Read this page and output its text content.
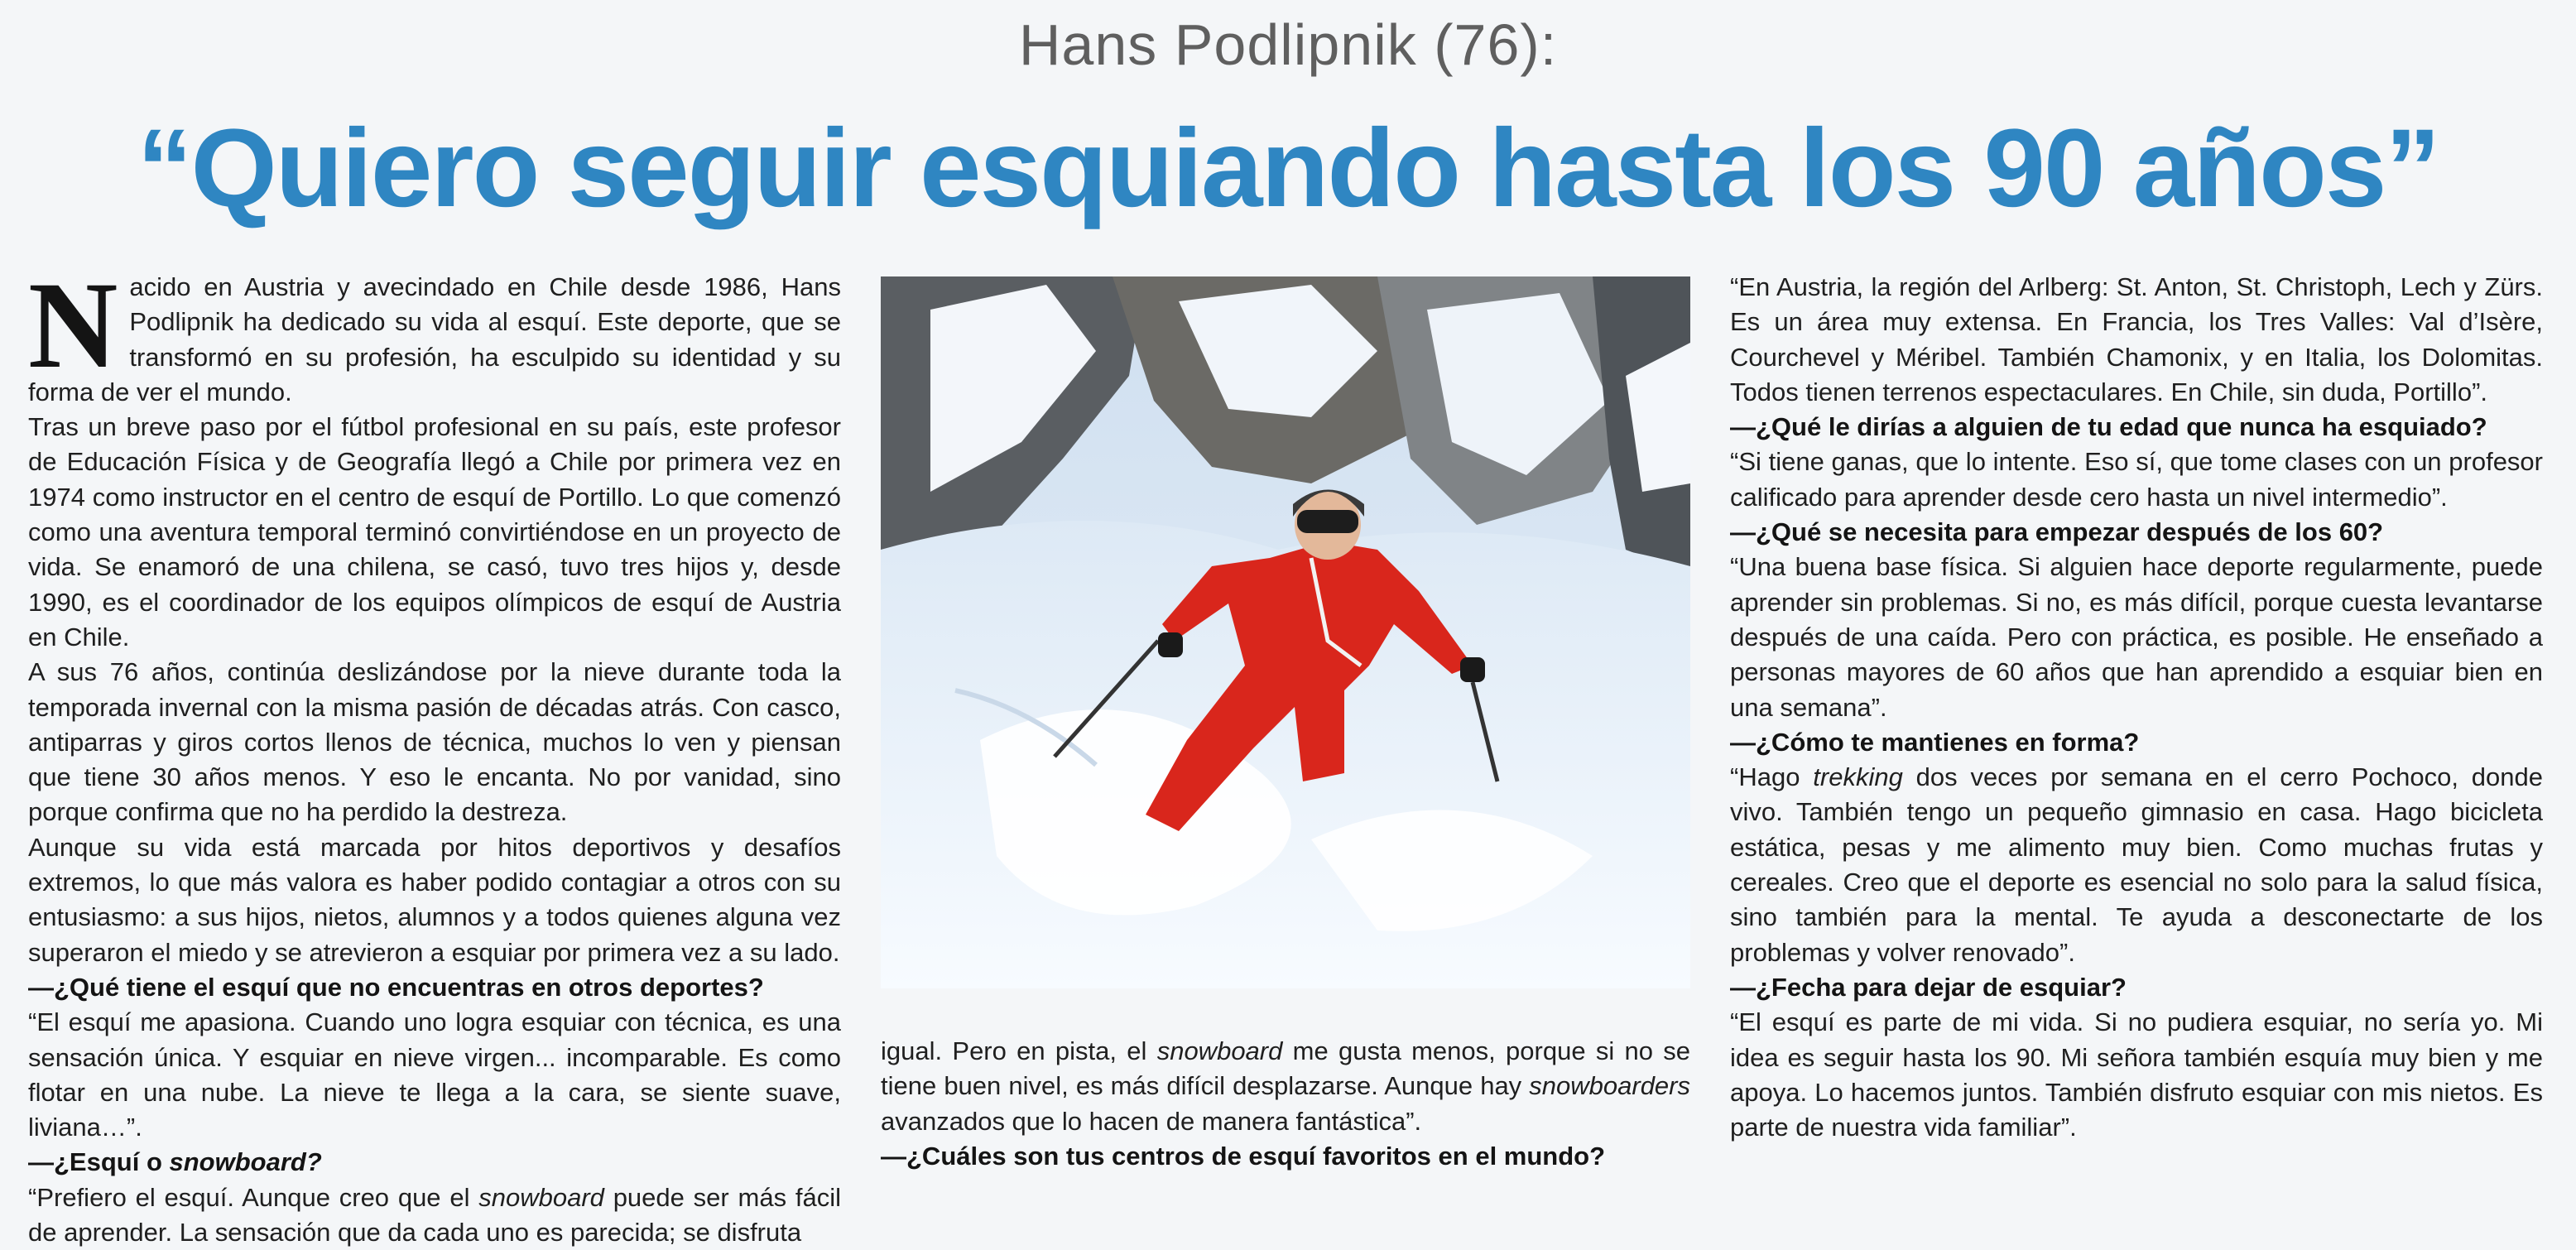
Hans Podlipnik (76):
“Quiero seguir esquiando hasta los 90 años”

Nacido en Austria y avecindado en Chile desde 1986, Hans Podlipnik ha dedicado su vida al esquí. Este deporte, que se transformó en su profesión, ha esculpido su identidad y su forma de ver el mundo.

Tras un breve paso por el fútbol profesional en su país, este profesor de Educación Física y de Geografía llegó a Chile por primera vez en 1974 como instructor en el centro de esquí de Portillo. Lo que comenzó como una aventura temporal terminó convirtiéndose en un proyecto de vida. Se enamoró de una chilena, se casó, tuvo tres hijos y, desde 1990, es el coordinador de los equipos olímpicos de esquí de Austria en Chile.

A sus 76 años, continúa deslizándose por la nieve durante toda la temporada invernal con la misma pasión de décadas atrás. Con casco, antiparras y giros cortos llenos de técnica, muchos lo ven y piensan que tiene 30 años menos. Y eso le encanta. No por vanidad, sino porque confirma que no ha perdido la destreza.

Aunque su vida está marcada por hitos deportivos y desafíos extremos, lo que más valora es haber podido contagiar a otros con su entusiasmo: a sus hijos, nietos, alumnos y a todos quienes alguna vez superaron el miedo y se atrevieron a esquiar por primera vez a su lado.

—¿Qué tiene el esquí que no encuentras en otros deportes?

“El esquí me apasiona. Cuando uno logra esquiar con técnica, es una sensación única. Y esquiar en nieve virgen... incomparable. Es como flotar en una nube. La nieve te llega a la cara, se siente suave, liviana…”.

—¿Esquí o snowboard?

“Prefiero el esquí. Aunque creo que el snowboard puede ser más fácil de aprender. La sensación que da cada uno es parecida; se disfruta

igual. Pero en pista, el snowboard me gusta menos, porque si no se tiene buen nivel, es más difícil desplazarse. Aunque hay snowboarders avanzados que lo hacen de manera fantástica”.

—¿Cuáles son tus centros de esquí favoritos en el mundo?

“En Austria, la región del Arlberg: St. Anton, St. Christoph, Lech y Zürs. Es un área muy extensa. En Francia, los Tres Valles: Val d’Isère, Courchevel y Méribel. También Chamonix, y en Italia, los Dolomitas. Todos tienen terrenos espectaculares. En Chile, sin duda, Portillo”.

—¿Qué le dirías a alguien de tu edad que nunca ha esquiado?

“Si tiene ganas, que lo intente. Eso sí, que tome clases con un profesor calificado para aprender desde cero hasta un nivel intermedio”.

—¿Qué se necesita para empezar después de los 60?

“Una buena base física. Si alguien hace deporte regularmente, puede aprender sin problemas. Si no, es más difícil, porque cuesta levantarse después de una caída. Pero con práctica, es posible. He enseñado a personas mayores de 60 años que han aprendido a esquiar bien en una semana”.

—¿Cómo te mantienes en forma?

“Hago trekking dos veces por semana en el cerro Pochoco, donde vivo. También tengo un pequeño gimnasio en casa. Hago bicicleta estática, pesas y me alimento muy bien. Como muchas frutas y cereales. Creo que el deporte es esencial no solo para la salud física, sino también para la mental. Te ayuda a desconectarte de los problemas y volver renovado”.

—¿Fecha para dejar de esquiar?

“El esquí es parte de mi vida. Si no pudiera esquiar, no sería yo. Mi idea es seguir hasta los 90. Mi señora también esquía muy bien y me apoya. Lo hacemos juntos. También disfruto esquiar con mis nietos. Es parte de nuestra vida familiar”.
